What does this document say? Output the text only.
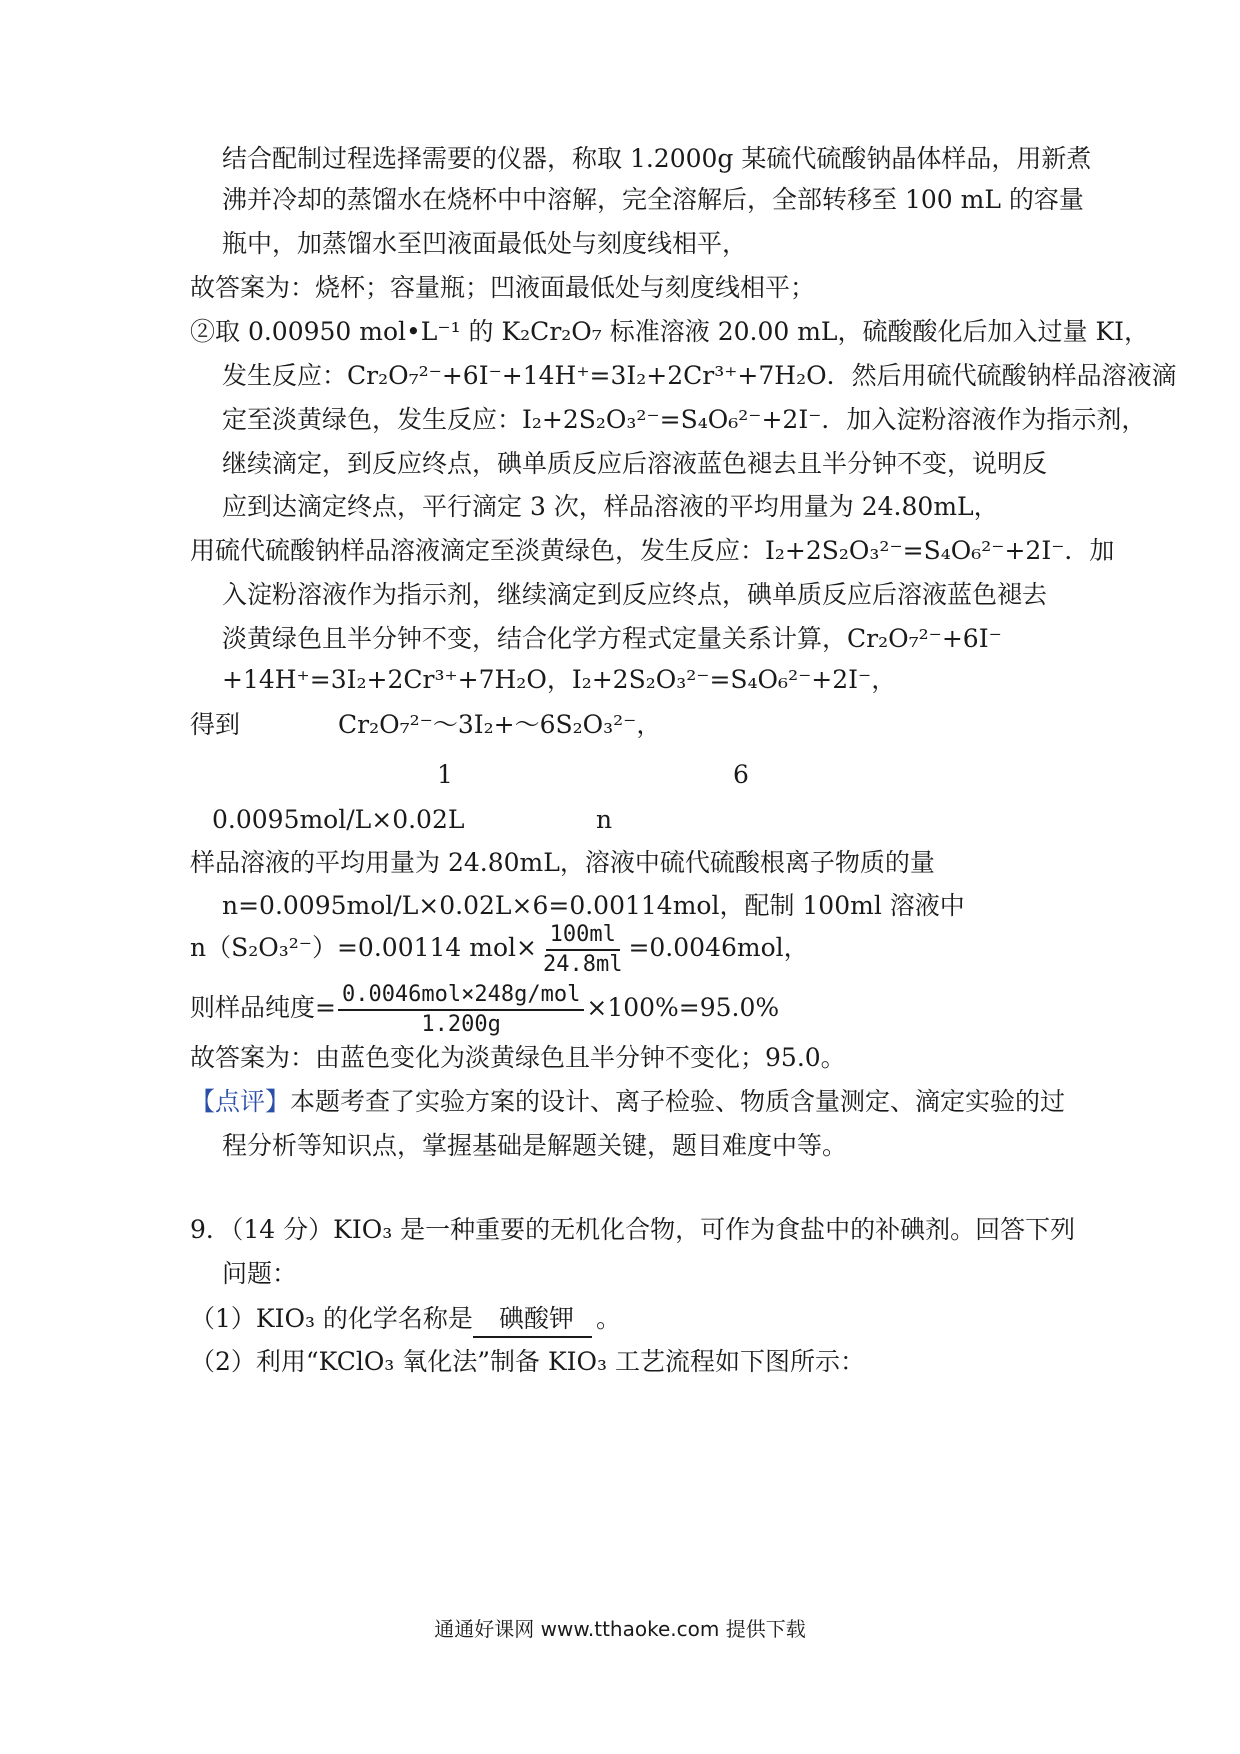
结合配制过程选择需要的仪器，称取 1.2000g 某硫代硫酸钠晶体样品，用新煮
沸并冷却的蒸馏水在烧杯中中溶解，完全溶解后，全部转移至 100 mL 的容量
瓶中，加蒸馏水至凹液面最低处与刻度线相平，
故答案为：烧杯；容量瓶；凹液面最低处与刻度线相平；
②取 0.00950 mol•L⁻¹ 的 K₂Cr₂O₇ 标准溶液 20.00 mL，硫酸酸化后加入过量 KI，
发生反应：Cr₂O₇²⁻+6I⁻+14H⁺=3I₂+2Cr³⁺+7H₂O．然后用硫代硫酸钠样品溶液滴
定至淡黄绿色，发生反应：I₂+2S₂O₃²⁻=S₄O₆²⁻+2I⁻．加入淀粉溶液作为指示剂，
继续滴定，到反应终点，碘单质反应后溶液蓝色褪去且半分钟不变，说明反
应到达滴定终点，平行滴定 3 次，样品溶液的平均用量为 24.80mL，
用硫代硫酸钠样品溶液滴定至淡黄绿色，发生反应：I₂+2S₂O₃²⁻=S₄O₆²⁻+2I⁻．加
入淀粉溶液作为指示剂，继续滴定到反应终点，碘单质反应后溶液蓝色褪去
淡黄绿色且半分钟不变，结合化学方程式定量关系计算，Cr₂O₇²⁻+6I⁻
+14H⁺=3I₂+2Cr³⁺+7H₂O，I₂+2S₂O₃²⁻=S₄O₆²⁻+2I⁻，
得到	Cr₂O₇²⁻～3I₂+～6S₂O₃²⁻，
1	6
0.0095mol/L×0.02L	n
样品溶液的平均用量为 24.80mL，溶液中硫代硫酸根离子物质的量
n=0.0095mol/L×0.02L×6=0.00114mol，配制 100ml 溶液中
n（S₂O₃²⁻）=0.00114 $mol\times \frac{100ml}{24.8ml} =0.0046mol$，
则样品纯度= $\frac{\text{0.0046mol×248g/mol}}{1.200g} \times 100\%=95.0\%$
故答案为：由蓝色变化为淡黄绿色且半分钟不变化；95.0。
【点评】本题考查了实验方案的设计、离子检验、物质含量测定、滴定实验的过
程分析等知识点，掌握基础是解题关键，题目难度中等。
9．（14 分）KIO₃ 是一种重要的无机化合物，可作为食盐中的补碘剂。回答下列
问题：
（1）KIO₃ 的化学名称是 碘酸钾 。
（2）利用“KClO₃ 氧化法”制备 KIO₃ 工艺流程如下图所示：
通通好课网 www.tthaoke.com 提供下载
